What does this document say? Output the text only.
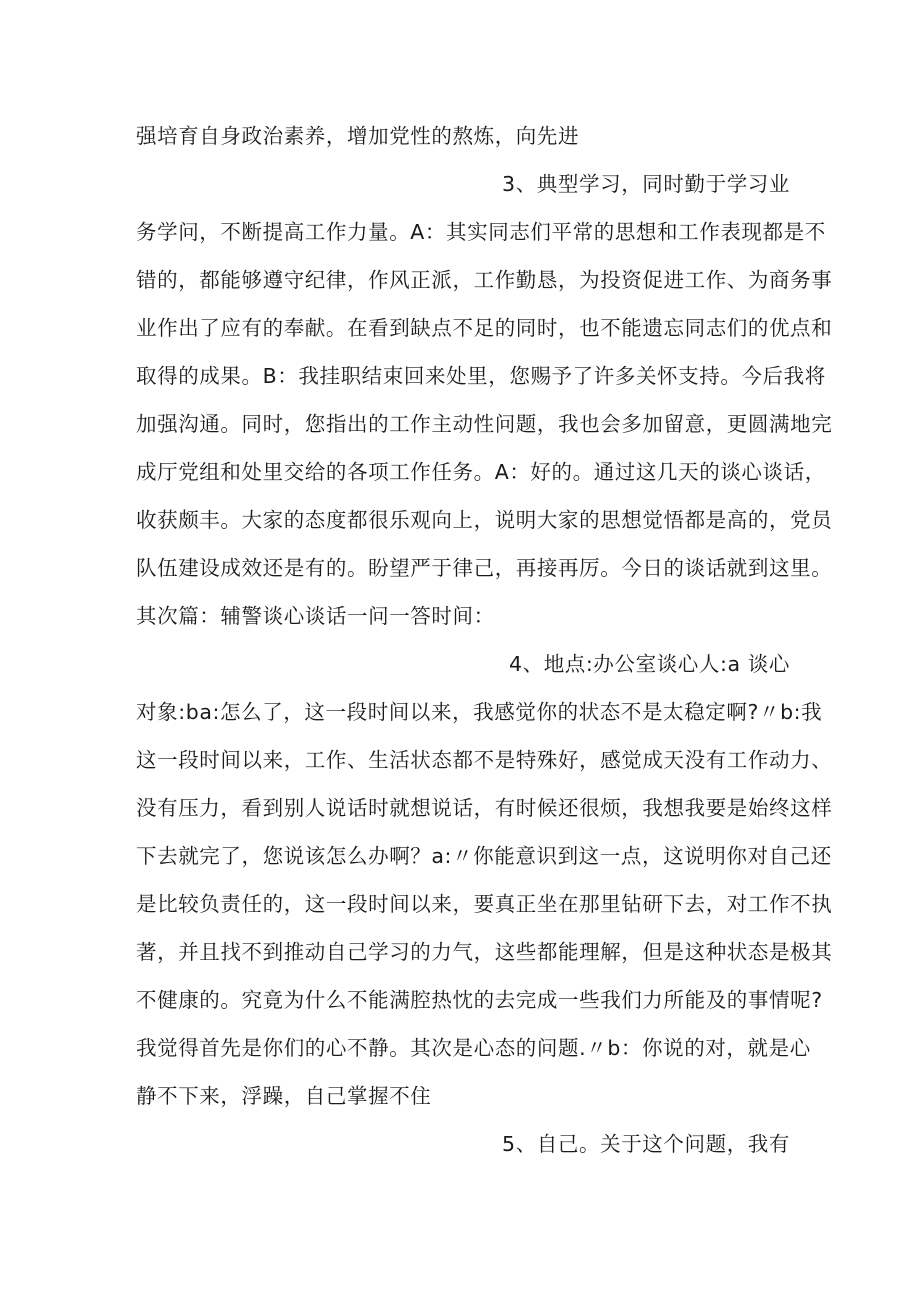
强培育自身政治素养，增加党性的熬炼，向先进
3、典型学习，同时勤于学习业
务学问，不断提高工作力量。A：其实同志们平常的思想和工作表现都是不
错的，都能够遵守纪律，作风正派，工作勤恳，为投资促进工作、为商务事
业作出了应有的奉献。在看到缺点不足的同时，也不能遗忘同志们的优点和
取得的成果。B：我挂职结束回来处里，您赐予了许多关怀支持。今后我将
加强沟通。同时，您指出的工作主动性问题，我也会多加留意，更圆满地完
成厅党组和处里交给的各项工作任务。A：好的。通过这几天的谈心谈话，
收获颇丰。大家的态度都很乐观向上，说明大家的思想觉悟都是高的，党员
队伍建设成效还是有的。盼望严于律己，再接再厉。今日的谈话就到这里。
其次篇：辅警谈心谈话一问一答时间：
4、地点:办公室谈心人:a 谈心
对象:ba:怎么了，这一段时间以来，我感觉你的状态不是太稳定啊?〃b:我
这一段时间以来，工作、生活状态都不是特殊好，感觉成天没有工作动力、
没有压力，看到别人说话时就想说话，有时候还很烦，我想我要是始终这样
下去就完了，您说该怎么办啊？a:〃你能意识到这一点，这说明你对自己还
是比较负责任的，这一段时间以来，要真正坐在那里钻研下去，对工作不执
著，并且找不到推动自己学习的力气，这些都能理解，但是这种状态是极其
不健康的。究竟为什么不能满腔热忱的去完成一些我们力所能及的事情呢?
我觉得首先是你们的心不静。其次是心态的问题.〃b：你说的对，就是心
静不下来，浮躁，自己掌握不住
5、自己。关于这个问题，我有
